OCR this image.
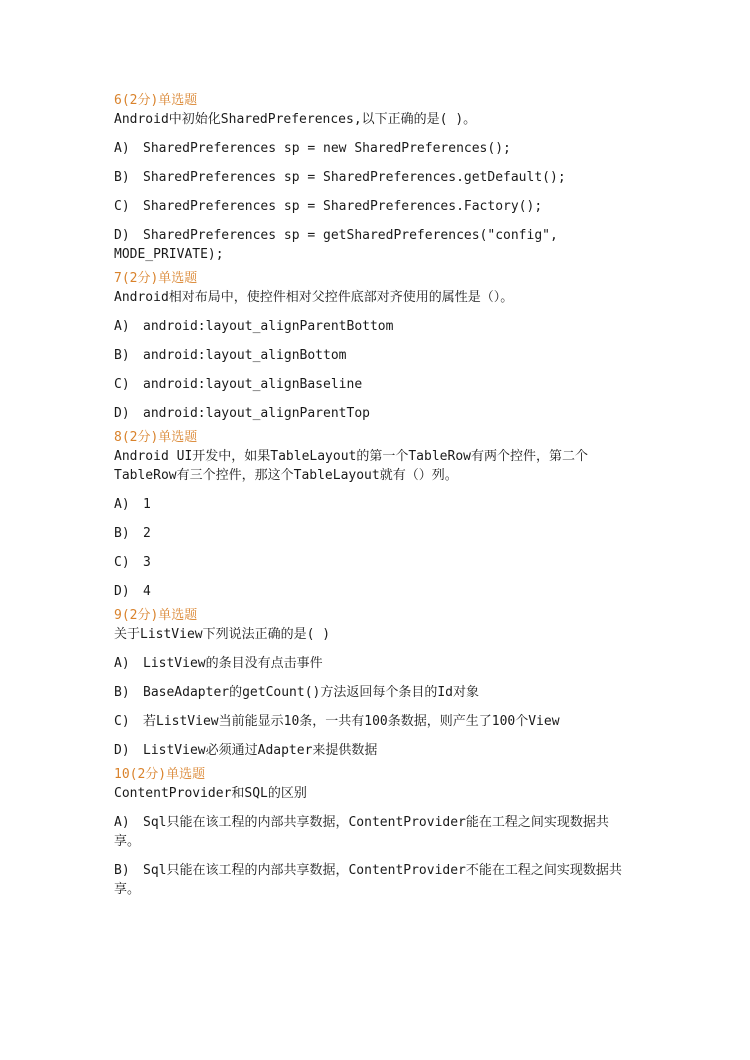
6(2分)单选题

Android中初始化SharedPreferences,以下正确的是( )。

A)	SharedPreferences sp = new SharedPreferences();
B)	SharedPreferences sp = SharedPreferences.getDefault();
C)	SharedPreferences sp = SharedPreferences.Factory();
D) SharedPreferences sp = getSharedPreferences("config", MODE_PRIVATE);

7(2分)单选题

Android相对布局中，使控件相对父控件底部对齐使用的属性是（）。

A)	android:layout_alignParentBottom
B)	android:layout_alignBottom
C)	android:layout_alignBaseline
D)	android:layout_alignParentTop

8(2分)单选题

Android UI开发中，如果TableLayout的第一个TableRow有两个控件，第二个TableRow有三个控件，那这个TableLayout就有（）列。

A)	1
B)	2
C)	3
D)	4

9(2分)单选题

关于ListView下列说法正确的是( )

A)	ListView的条目没有点击事件
B)	BaseAdapter的getCount()方法返回每个条目的Id对象
C) 若ListView当前能显示10条，一共有100条数据，则产生了100个View
D)	ListView必须通过Adapter来提供数据

10(2分)单选题

ContentProvider和SQL的区别

A) Sql只能在该工程的内部共享数据，ContentProvider能在工程之间实现数据共享。
B) Sql只能在该工程的内部共享数据，ContentProvider不能在工程之间实现数据共享。
